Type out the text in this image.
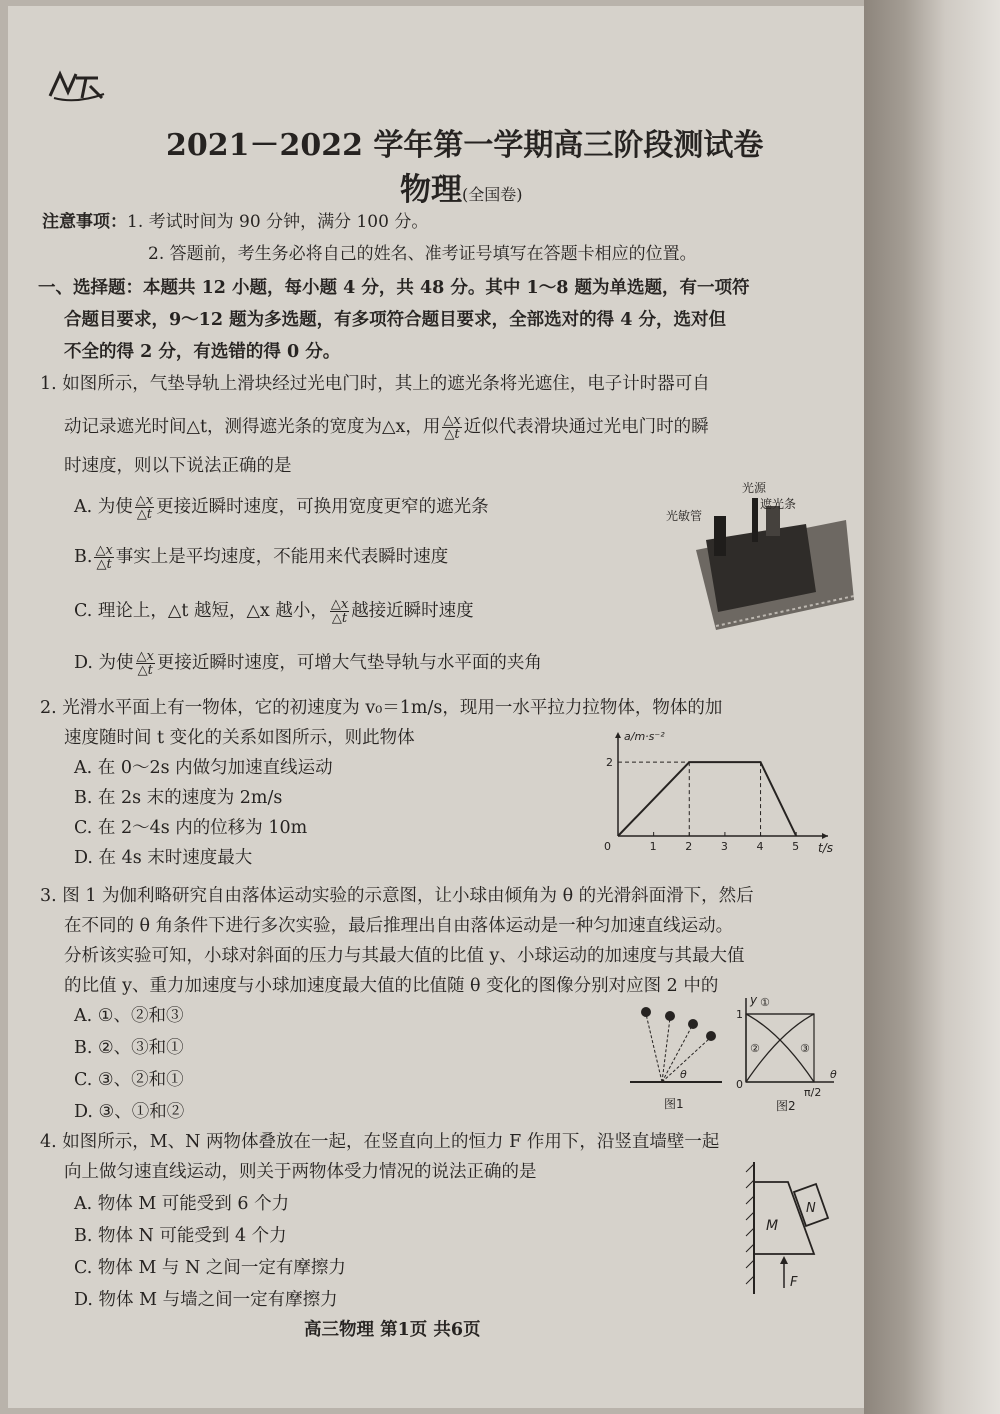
2021－2022 学年第一学期高三阶段测试卷
物理(全国卷)
注意事项：1. 考试时间为 90 分钟，满分 100 分。
2. 答题前，考生务必将自己的姓名、准考证号填写在答题卡相应的位置。
一、选择题：本题共 12 小题，每小题 4 分，共 48 分。其中 1～8 题为单选题，有一项符
合题目要求，9～12 题为多选题，有多项符合题目要求，全部选对的得 4 分，选对但
不全的得 2 分，有选错的得 0 分。
1. 如图所示，气垫导轨上滑块经过光电门时，其上的遮光条将光遮住，电子计时器可自
动记录遮光时间△t，测得遮光条的宽度为△x，用 $\frac{\triangle x}{\triangle t}$ 近似代表滑块通过光电门时的瞬
时速度，则以下说法正确的是
A. 为使 $\frac{\triangle x}{\triangle t}$ 更接近瞬时速度，可换用宽度更窄的遮光条
B. $\frac{\triangle x}{\triangle t}$ 事实上是平均速度，不能用来代表瞬时速度
C. 理论上，△t 越短，△x 越小， $\frac{\triangle x}{\triangle t}$ 越接近瞬时速度
D. 为使 $\frac{\triangle x}{\triangle t}$ 更接近瞬时速度，可增大气垫导轨与水平面的夹角
光源
遮光条
光敏管
2. 光滑水平面上有一物体，它的初速度为 v₀＝1m/s，现用一水平拉力拉物体，物体的加
速度随时间 t 变化的关系如图所示，则此物体
A. 在 0～2s 内做匀加速直线运动
B. 在 2s 末的速度为 2m/s
C. 在 2～4s 内的位移为 10m
D. 在 4s 末时速度最大
a/m·s⁻²
t/s
0	1	2	3	4	5
2
3. 图 1 为伽利略研究自由落体运动实验的示意图，让小球由倾角为 θ 的光滑斜面滑下，然后
在不同的 θ 角条件下进行多次实验，最后推理出自由落体运动是一种匀加速直线运动。
分析该实验可知，小球对斜面的压力与其最大值的比值 y、小球运动的加速度与其最大值
的比值 y、重力加速度与小球加速度最大值的比值随 θ 变化的图像分别对应图 2 中的
A. ①、②和③
B. ②、③和①
C. ③、②和①
D. ③、①和②
θ
图1
y ①
②	③
1
0
π/2
θ
图2
4. 如图所示，M、N 两物体叠放在一起，在竖直向上的恒力 F 作用下，沿竖直墙壁一起
向上做匀速直线运动，则关于两物体受力情况的说法正确的是
A. 物体 M 可能受到 6 个力
B. 物体 N 可能受到 4 个力
C. 物体 M 与 N 之间一定有摩擦力
D. 物体 M 与墙之间一定有摩擦力
M
N
F
高三物理 第1页 共6页
